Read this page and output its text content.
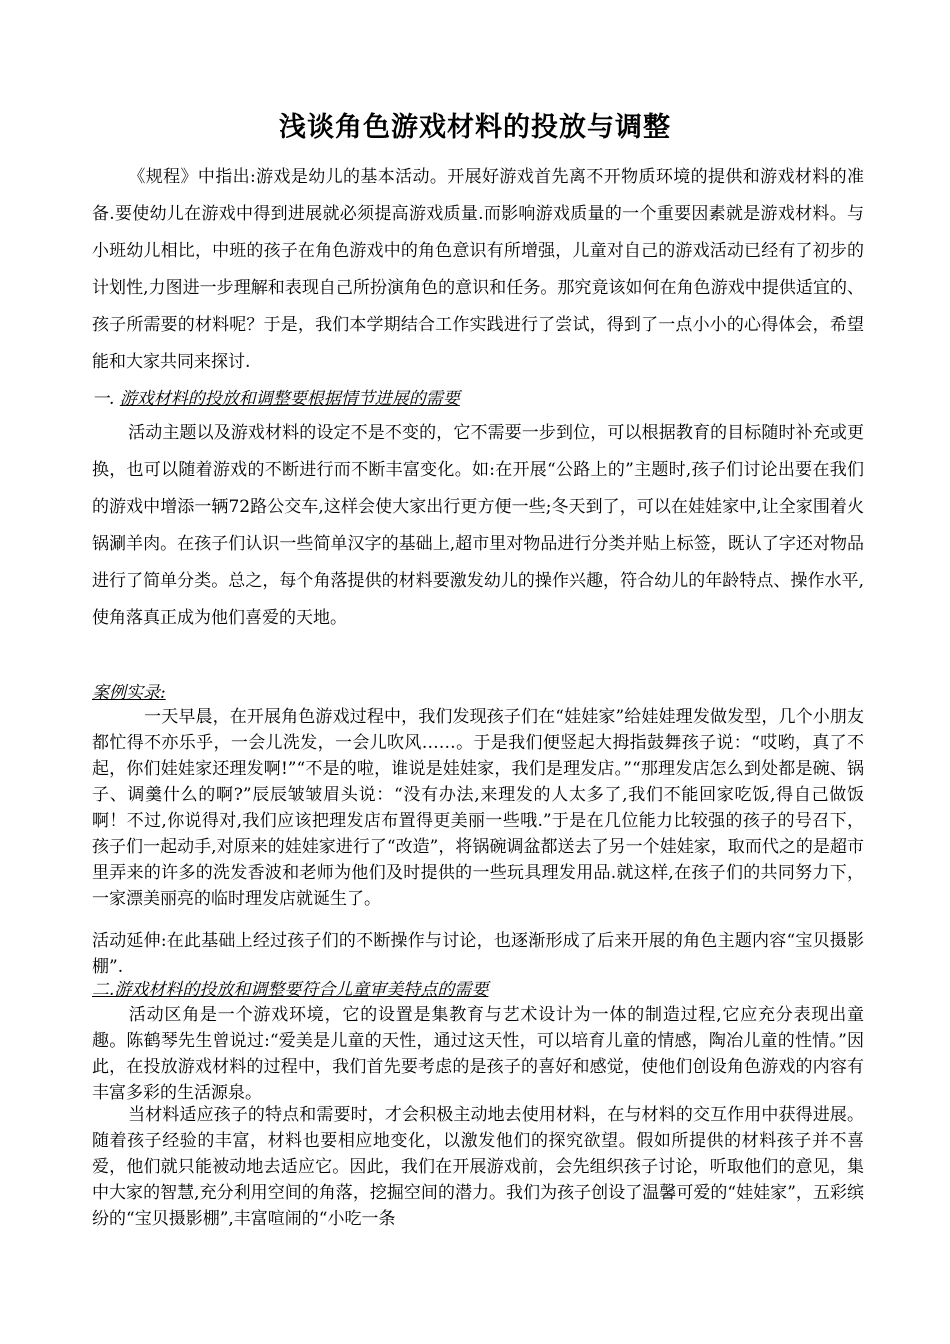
浅谈角色游戏材料的投放与调整

《规程》中指出:游戏是幼儿的基本活动。开展好游戏首先离不开物质环境的提供和游戏材料的准备.要使幼儿在游戏中得到进展就必须提高游戏质量.而影响游戏质量的一个重要因素就是游戏材料。与小班幼儿相比，中班的孩子在角色游戏中的角色意识有所增强，儿童对自己的游戏活动已经有了初步的计划性,力图进一步理解和表现自己所扮演角色的意识和任务。那究竟该如何在角色游戏中提供适宜的、孩子所需要的材料呢？于是，我们本学期结合工作实践进行了尝试，得到了一点小小的心得体会，希望能和大家共同来探讨.

一. 游戏材料的投放和调整要根据情节进展的需要

活动主题以及游戏材料的设定不是不变的，它不需要一步到位，可以根据教育的目标随时补充或更换，也可以随着游戏的不断进行而不断丰富变化。如:在开展“公路上的”主题时,孩子们讨论出要在我们的游戏中增添一辆72路公交车,这样会使大家出行更方便一些;冬天到了，可以在娃娃家中,让全家围着火锅涮羊肉。在孩子们认识一些简单汉字的基础上,超市里对物品进行分类并贴上标签，既认了字还对物品进行了简单分类。总之，每个角落提供的材料要激发幼儿的操作兴趣，符合幼儿的年龄特点、操作水平,使角落真正成为他们喜爱的天地。

案例实录:

一天早晨，在开展角色游戏过程中，我们发现孩子们在“娃娃家”给娃娃理发做发型，几个小朋友都忙得不亦乐乎，一会儿洗发，一会儿吹风……。于是我们便竖起大拇指鼓舞孩子说：“哎哟，真了不起，你们娃娃家还理发啊!”“不是的啦，谁说是娃娃家，我们是理发店。”“那理发店怎么到处都是碗、锅子、调羹什么的啊?”辰辰皱皱眉头说：“没有办法,来理发的人太多了,我们不能回家吃饭,得自己做饭啊！不过,你说得对,我们应该把理发店布置得更美丽一些哦.”于是在几位能力比较强的孩子的号召下，孩子们一起动手,对原来的娃娃家进行了“改造”，将锅碗调盆都送去了另一个娃娃家，取而代之的是超市里弄来的许多的洗发香波和老师为他们及时提供的一些玩具理发用品.就这样,在孩子们的共同努力下，一家漂美丽亮的临时理发店就诞生了。

活动延伸:在此基础上经过孩子们的不断操作与讨论，也逐渐形成了后来开展的角色主题内容“宝贝摄影棚”.

二.游戏材料的投放和调整要符合儿童审美特点的需要

活动区角是一个游戏环境，它的设置是集教育与艺术设计为一体的制造过程,它应充分表现出童趣。陈鹤琴先生曾说过:“爱美是儿童的天性，通过这天性，可以培育儿童的情感，陶冶儿童的性情。”因此，在投放游戏材料的过程中，我们首先要考虑的是孩子的喜好和感觉，使他们创设角色游戏的内容有丰富多彩的生活源泉。

当材料适应孩子的特点和需要时，才会积极主动地去使用材料，在与材料的交互作用中获得进展。随着孩子经验的丰富，材料也要相应地变化，以激发他们的探究欲望。假如所提供的材料孩子并不喜爱，他们就只能被动地去适应它。因此，我们在开展游戏前，会先组织孩子讨论，听取他们的意见，集中大家的智慧,充分利用空间的角落，挖掘空间的潜力。我们为孩子创设了温馨可爱的“娃娃家”，五彩缤纷的“宝贝摄影棚”,丰富喧闹的“小吃一条
